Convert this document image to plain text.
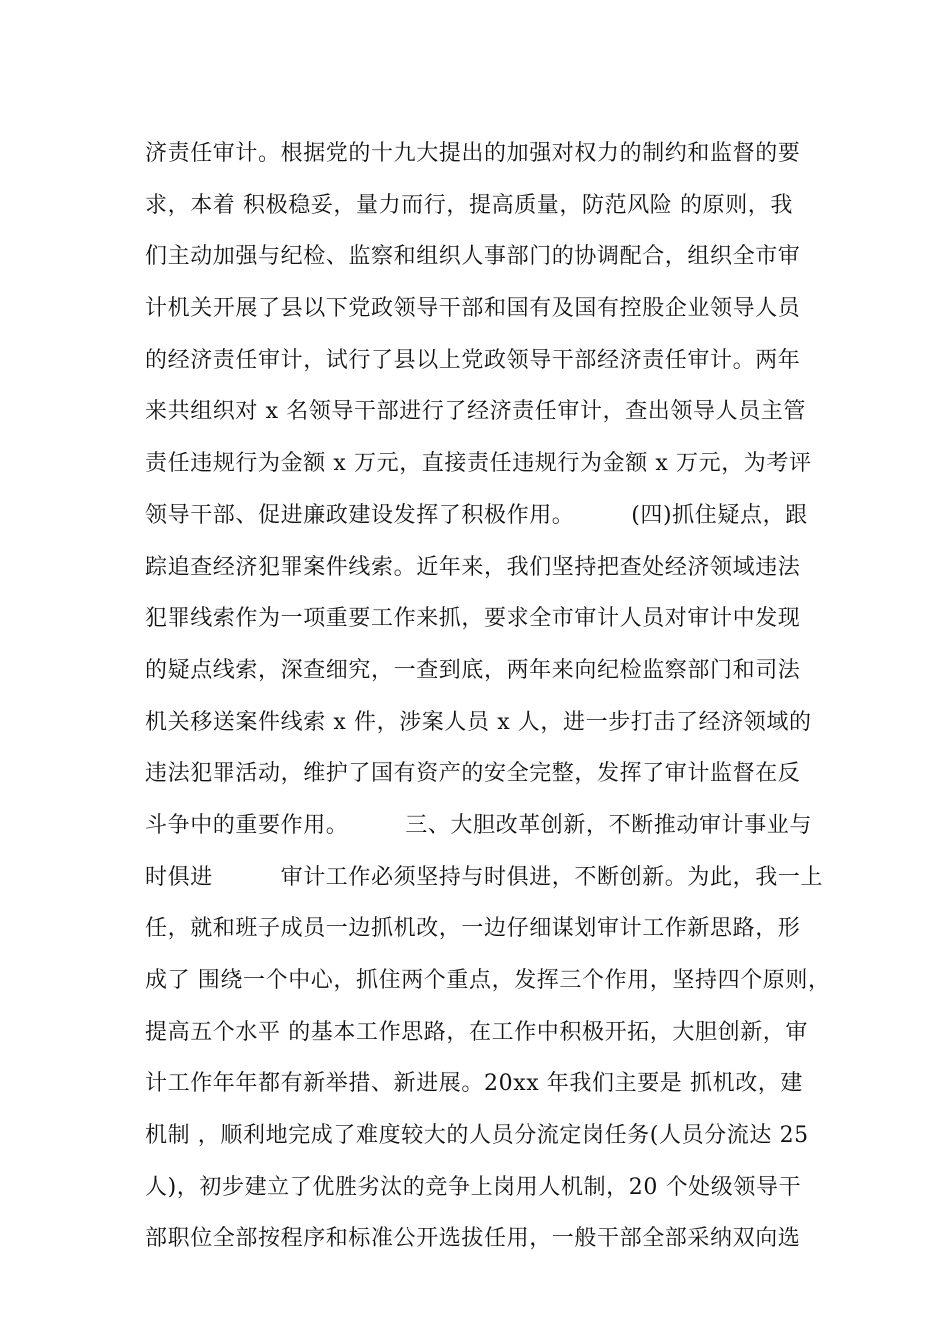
济责任审计。根据党的十九大提出的加强对权力的制约和监督的要
求，本着 积极稳妥，量力而行，提高质量，防范风险 的原则，我
们主动加强与纪检、监察和组织人事部门的协调配合，组织全市审
计机关开展了县以下党政领导干部和国有及国有控股企业领导人员
的经济责任审计，试行了县以上党政领导干部经济责任审计。两年
来共组织对 x 名领导干部进行了经济责任审计，查出领导人员主管
责任违规行为金额 x 万元，直接责任违规行为金额 x 万元，为考评
领导干部、促进廉政建设发挥了积极作用。　　　(四)抓住疑点，跟
踪追查经济犯罪案件线索。近年来，我们坚持把查处经济领域违法
犯罪线索作为一项重要工作来抓，要求全市审计人员对审计中发现
的疑点线索，深查细究，一查到底，两年来向纪检监察部门和司法
机关移送案件线索 x 件，涉案人员 x 人，进一步打击了经济领域的
违法犯罪活动，维护了国有资产的安全完整，发挥了审计监督在反
斗争中的重要作用。　　　三、大胆改革创新，不断推动审计事业与
时俱进　　　审计工作必须坚持与时俱进，不断创新。为此，我一上
任，就和班子成员一边抓机改，一边仔细谋划审计工作新思路，形
成了 围绕一个中心，抓住两个重点，发挥三个作用，坚持四个原则，
提高五个水平 的基本工作思路，在工作中积极开拓，大胆创新，审
计工作年年都有新举措、新进展。20xx 年我们主要是 抓机改，建
机制 ，顺利地完成了难度较大的人员分流定岗任务(人员分流达 25
人)，初步建立了优胜劣汰的竞争上岗用人机制，20 个处级领导干
部职位全部按程序和标准公开选拔任用，一般干部全部采纳双向选
